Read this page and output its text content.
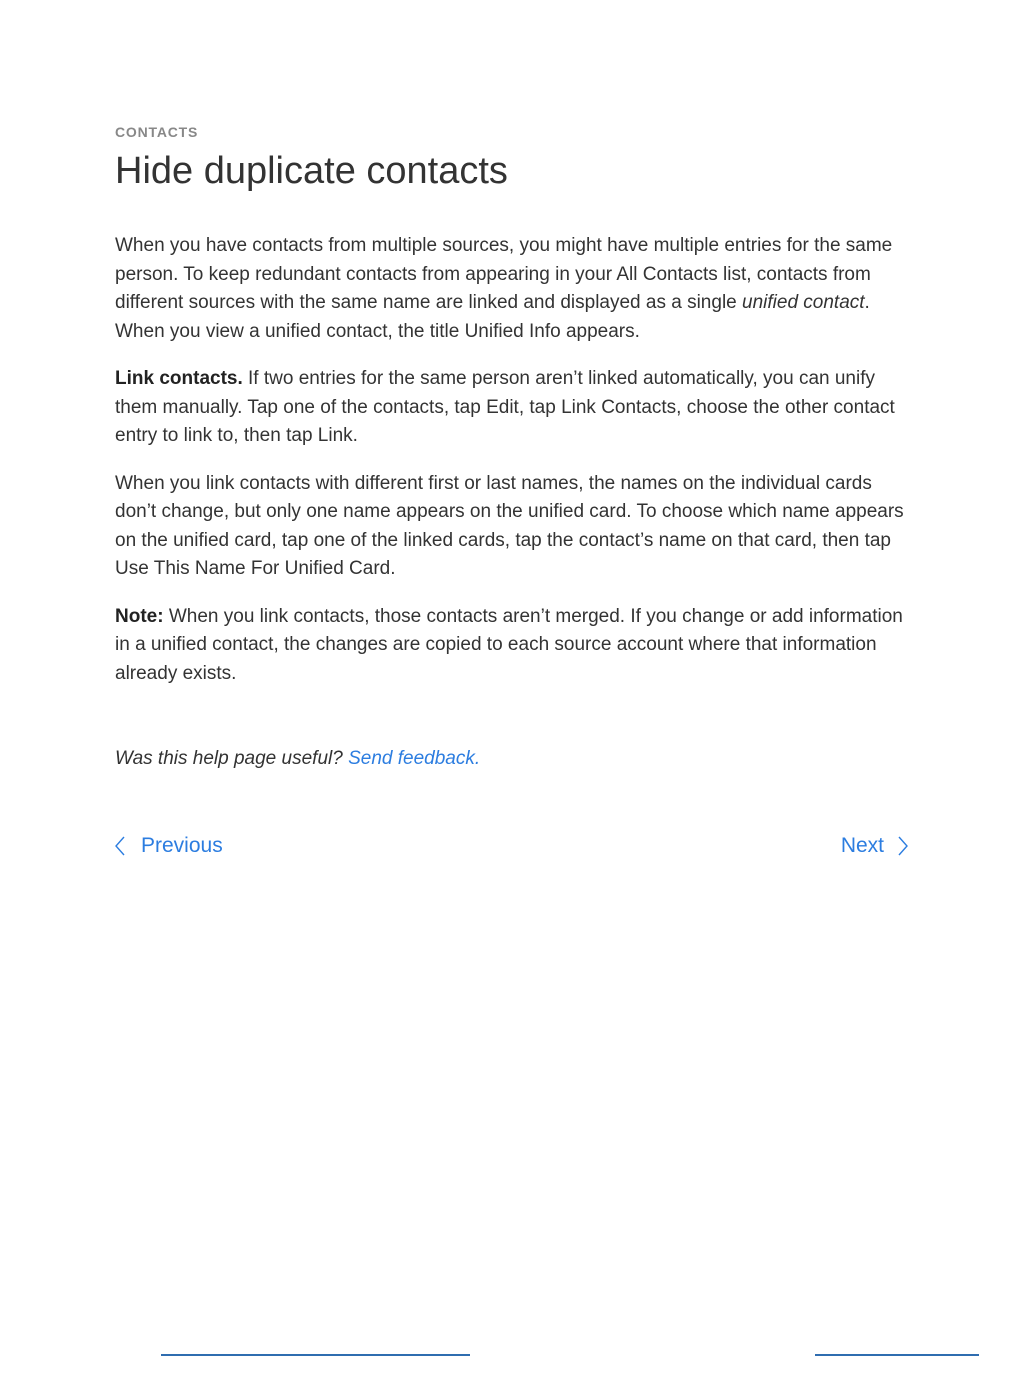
CONTACTS
Hide duplicate contacts

When you have contacts from multiple sources, you might have multiple entries for the same person. To keep redundant contacts from appearing in your All Contacts list, contacts from different sources with the same name are linked and displayed as a single unified contact. When you view a unified contact, the title Unified Info appears.

Link contacts. If two entries for the same person aren’t linked automatically, you can unify them manually. Tap one of the contacts, tap Edit, tap Link Contacts, choose the other contact entry to link to, then tap Link.

When you link contacts with different first or last names, the names on the individual cards don’t change, but only one name appears on the unified card. To choose which name appears on the unified card, tap one of the linked cards, tap the contact’s name on that card, then tap Use This Name For Unified Card.

Note: When you link contacts, those contacts aren’t merged. If you change or add information in a unified contact, the changes are copied to each source account where that information already exists.

Was this help page useful? Send feedback.
Previous	Next
